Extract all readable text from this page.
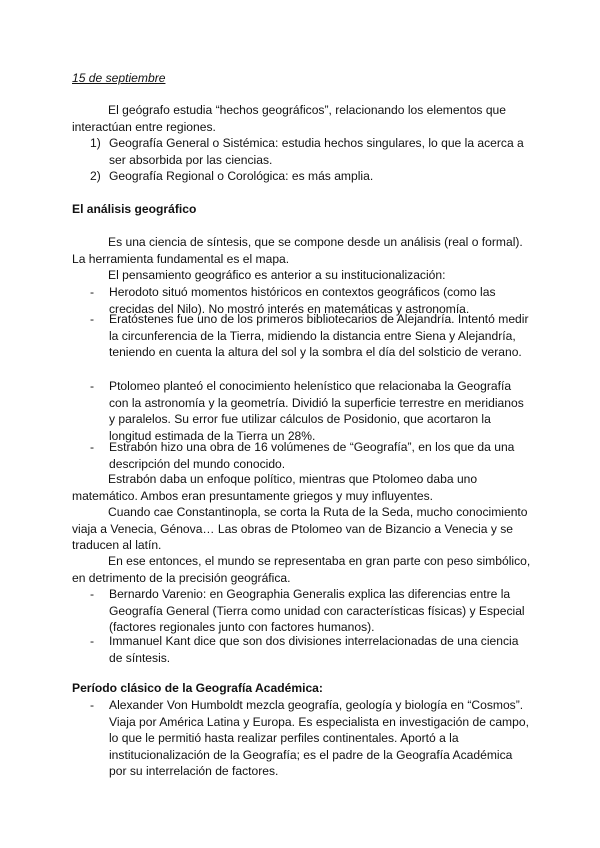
15 de septiembre

El geógrafo estudia “hechos geográficos”, relacionando los elementos que interactúan entre regiones.

1) Geografía General o Sistémica: estudia hechos singulares, lo que la acerca a ser absorbida por las ciencias.
2) Geografía Regional o Corológica: es más amplia.
El análisis geográfico

Es una ciencia de síntesis, que se compone desde un análisis (real o formal). La herramienta fundamental es el mapa.

El pensamiento geográfico es anterior a su institucionalización:

-	Herodoto situó momentos históricos en contextos geográficos (como las crecidas del Nilo). No mostró interés en matemáticas y astronomía.
-	Eratóstenes fue uno de los primeros bibliotecarios de Alejandría. Intentó medir la circunferencia de la Tierra, midiendo la distancia entre Siena y Alejandría, teniendo en cuenta la altura del sol y la sombra el día del solsticio de verano.
-	Ptolomeo planteó el conocimiento helenístico que relacionaba la Geografía con la astronomía y la geometría. Dividió la superficie terrestre en meridianos y paralelos. Su error fue utilizar cálculos de Posidonio, que acortaron la longitud estimada de la Tierra un 28%.
-	Estrabón hizo una obra de 16 volúmenes de “Geografía”, en los que da una descripción del mundo conocido.

Estrabón daba un enfoque político, mientras que Ptolomeo daba uno matemático. Ambos eran presuntamente griegos y muy influyentes.

Cuando cae Constantinopla, se corta la Ruta de la Seda, mucho conocimiento viaja a Venecia, Génova… Las obras de Ptolomeo van de Bizancio a Venecia y se traducen al latín.

En ese entonces, el mundo se representaba en gran parte con peso simbólico, en detrimento de la precisión geográfica.

-	Bernardo Varenio: en Geographia Generalis explica las diferencias entre la Geografía General (Tierra como unidad con características físicas) y Especial (factores regionales junto con factores humanos).
-	Immanuel Kant dice que son dos divisiones interrelacionadas de una ciencia de síntesis.
Período clásico de la Geografía Académica:
-	Alexander Von Humboldt mezcla geografía, geología y biología en “Cosmos”. Viaja por América Latina y Europa. Es especialista en investigación de campo, lo que le permitió hasta realizar perfiles continentales. Aportó a la institucionalización de la Geografía; es el padre de la Geografía Académica por su interrelación de factores.
